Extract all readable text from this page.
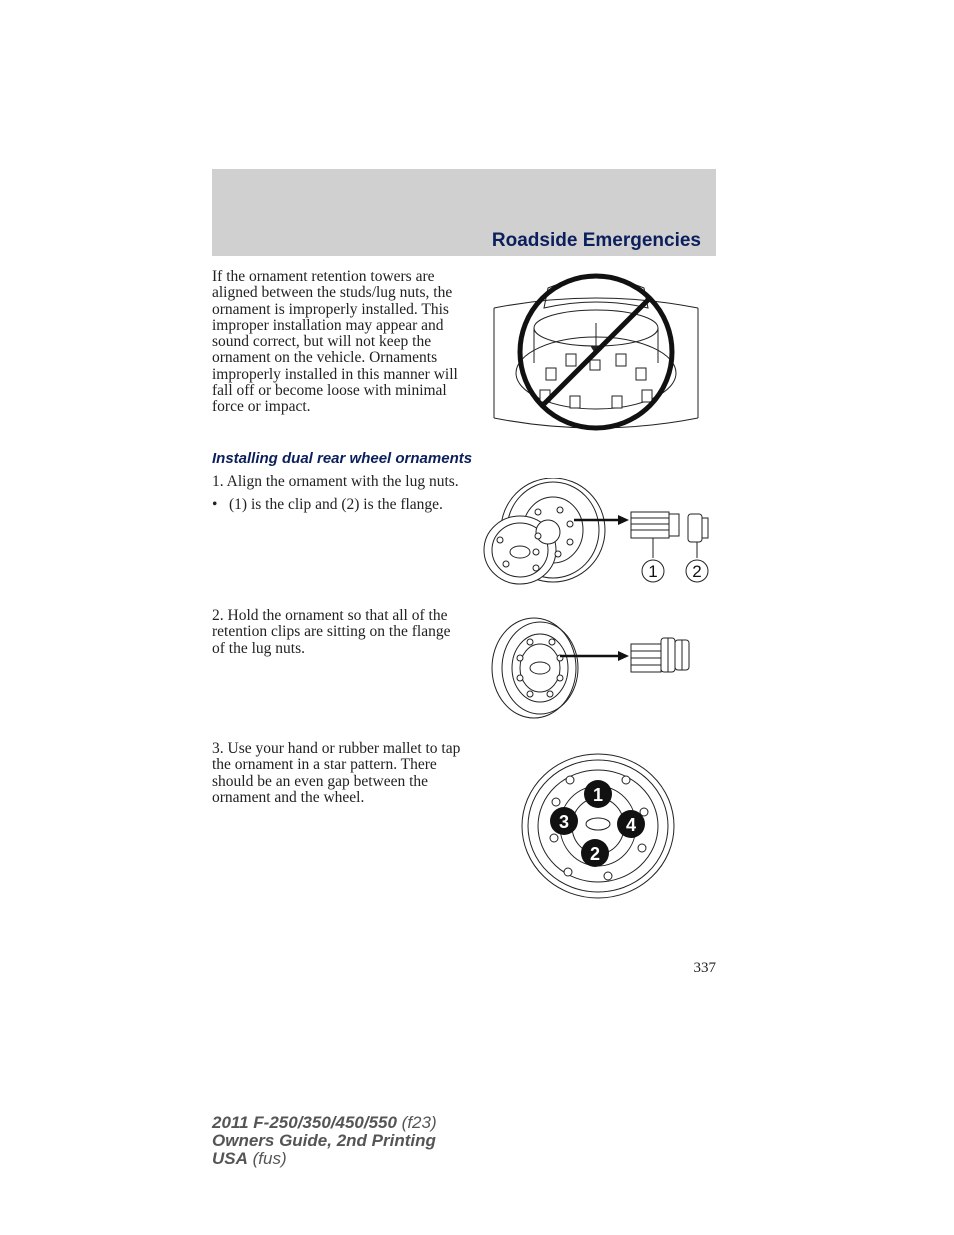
Roadside Emergencies
If the ornament retention towers are aligned between the studs/lug nuts, the ornament is improperly installed. This improper installation may appear and sound correct, but will not keep the ornament on the vehicle. Ornaments improperly installed in this manner will fall off or become loose with minimal force or impact.
Installing dual rear wheel ornaments
1. Align the ornament with the lug nuts.
• (1) is the clip and (2) is the flange.
1 2
2. Hold the ornament so that all of the retention clips are sitting on the flange of the lug nuts.
3. Use your hand or rubber mallet to tap the ornament in a star pattern. There should be an even gap between the ornament and the wheel.	1
2
3	4
337
2011 F-250/350/450/550 (f23)
Owners Guide, 2nd Printing
USA (fus)
